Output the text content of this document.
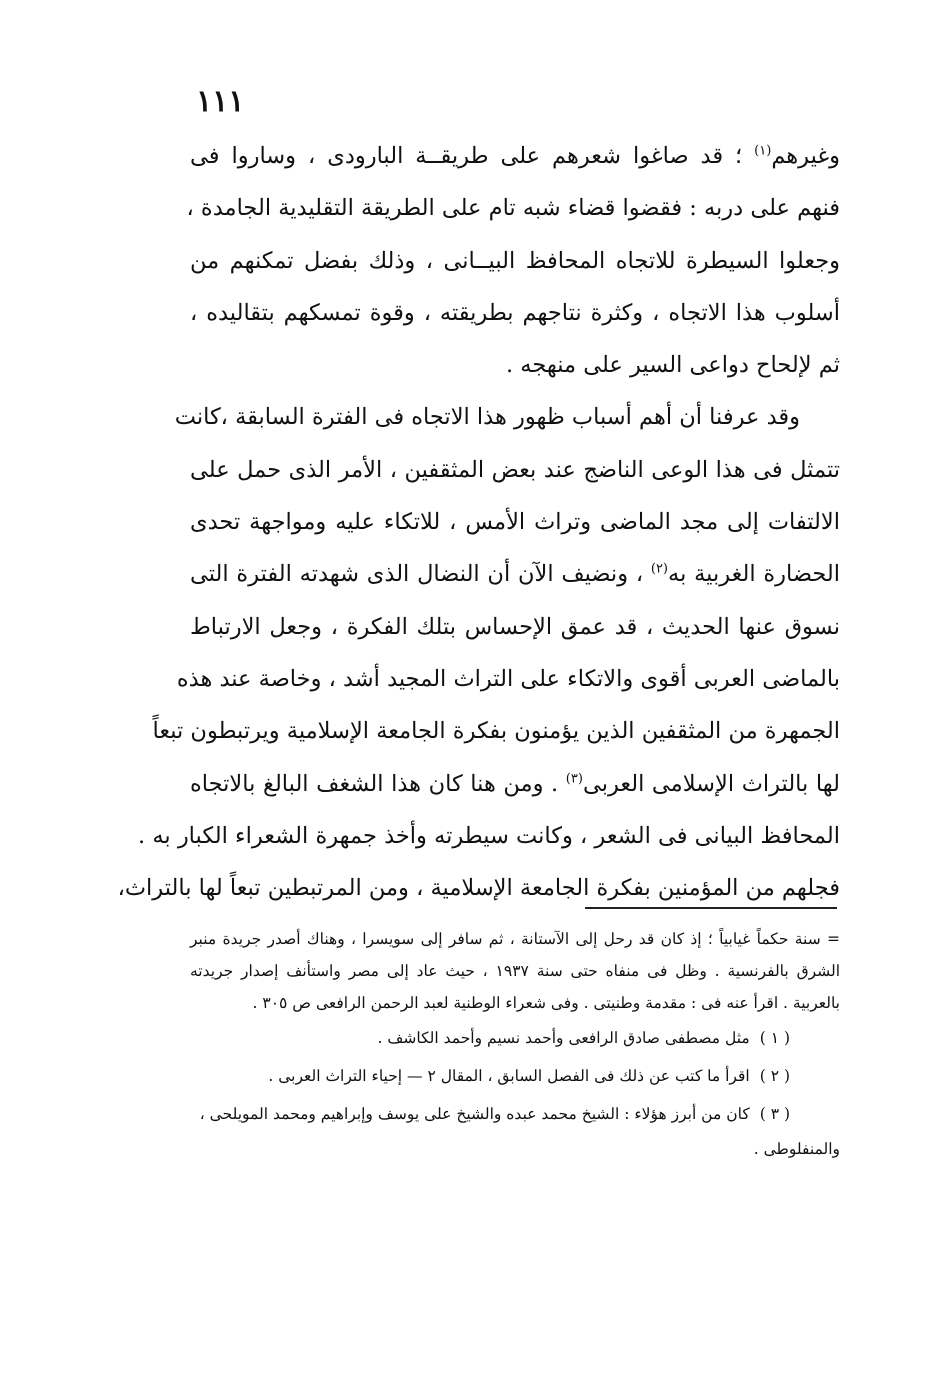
١١١
وغيرهم$^{(١)}$ ؛ قد صاغوا شعرهم على طريقــة البارودى ، وساروا فى
فنهم على دربه : فقضوا قضاء شبه تام على الطريقة التقليدية الجامدة ،
وجعلوا السيطرة للاتجاه المحافظ البيــانى ، وذلك بفضل تمكنهم من
أسلوب هذا الاتجاه ، وكثرة نتاجهم بطريقته ، وقوة تمسكهم بتقاليده ،
ثم لإلحاح دواعى السير على منهجه .
وقد عرفنا أن أهم أسباب ظهور هذا الاتجاه فى الفترة السابقة ،كانت
تتمثل فى هذا الوعى الناضج عند بعض المثقفين ، الأمر الذى حمل على
الالتفات إلى مجد الماضى وتراث الأمس ، للاتكاء عليه ومواجهة تحدى
الحضارة الغربية به$^{(٢)}$ ، ونضيف الآن أن النضال الذى شهدته الفترة التى
نسوق عنها الحديث ، قد عمق الإحساس بتلك الفكرة ، وجعل الارتباط
بالماضى العربى أقوى والاتكاء على التراث المجيد أشد ، وخاصة عند هذه
الجمهرة من المثقفين الذين يؤمنون بفكرة الجامعة الإسلامية ويرتبطون تبعاً
لها بالتراث الإسلامى العربى$^{(٣)}$ . ومن هنا كان هذا الشغف البالغ بالاتجاه
المحافظ البيانى فى الشعر ، وكانت سيطرته وأخذ جمهرة الشعراء الكبار به .
فجلهم من المؤمنين بفكرة الجامعة الإسلامية ، ومن المرتبطين تبعاً لها بالتراث،
= سنة حكماً غيابياً ؛ إذ كان قد رحل إلى الآستانة ، ثم سافر إلى سويسرا ، وهناك أصدر جريدة منبر
الشرق بالفرنسية . وظل فى منفاه حتى سنة ١٩٣٧ ، حيث عاد إلى مصر واستأنف إصدار جريدته
بالعربية . اقرأ عنه فى : مقدمة وطنيتى . وفى شعراء الوطنية لعبد الرحمن الرافعى ص ٣٠٥ .
( ١ )مثل مصطفى صادق الرافعى وأحمد نسيم وأحمد الكاشف .
( ٢ )اقرأ ما كتب عن ذلك فى الفصل السابق ، المقال ٢ — إحياء التراث العربى .
( ٣ )كان من أبرز هؤلاء : الشيخ محمد عبده والشيخ على يوسف وإبراهيم ومحمد المويلحى ،
والمنفلوطى .
